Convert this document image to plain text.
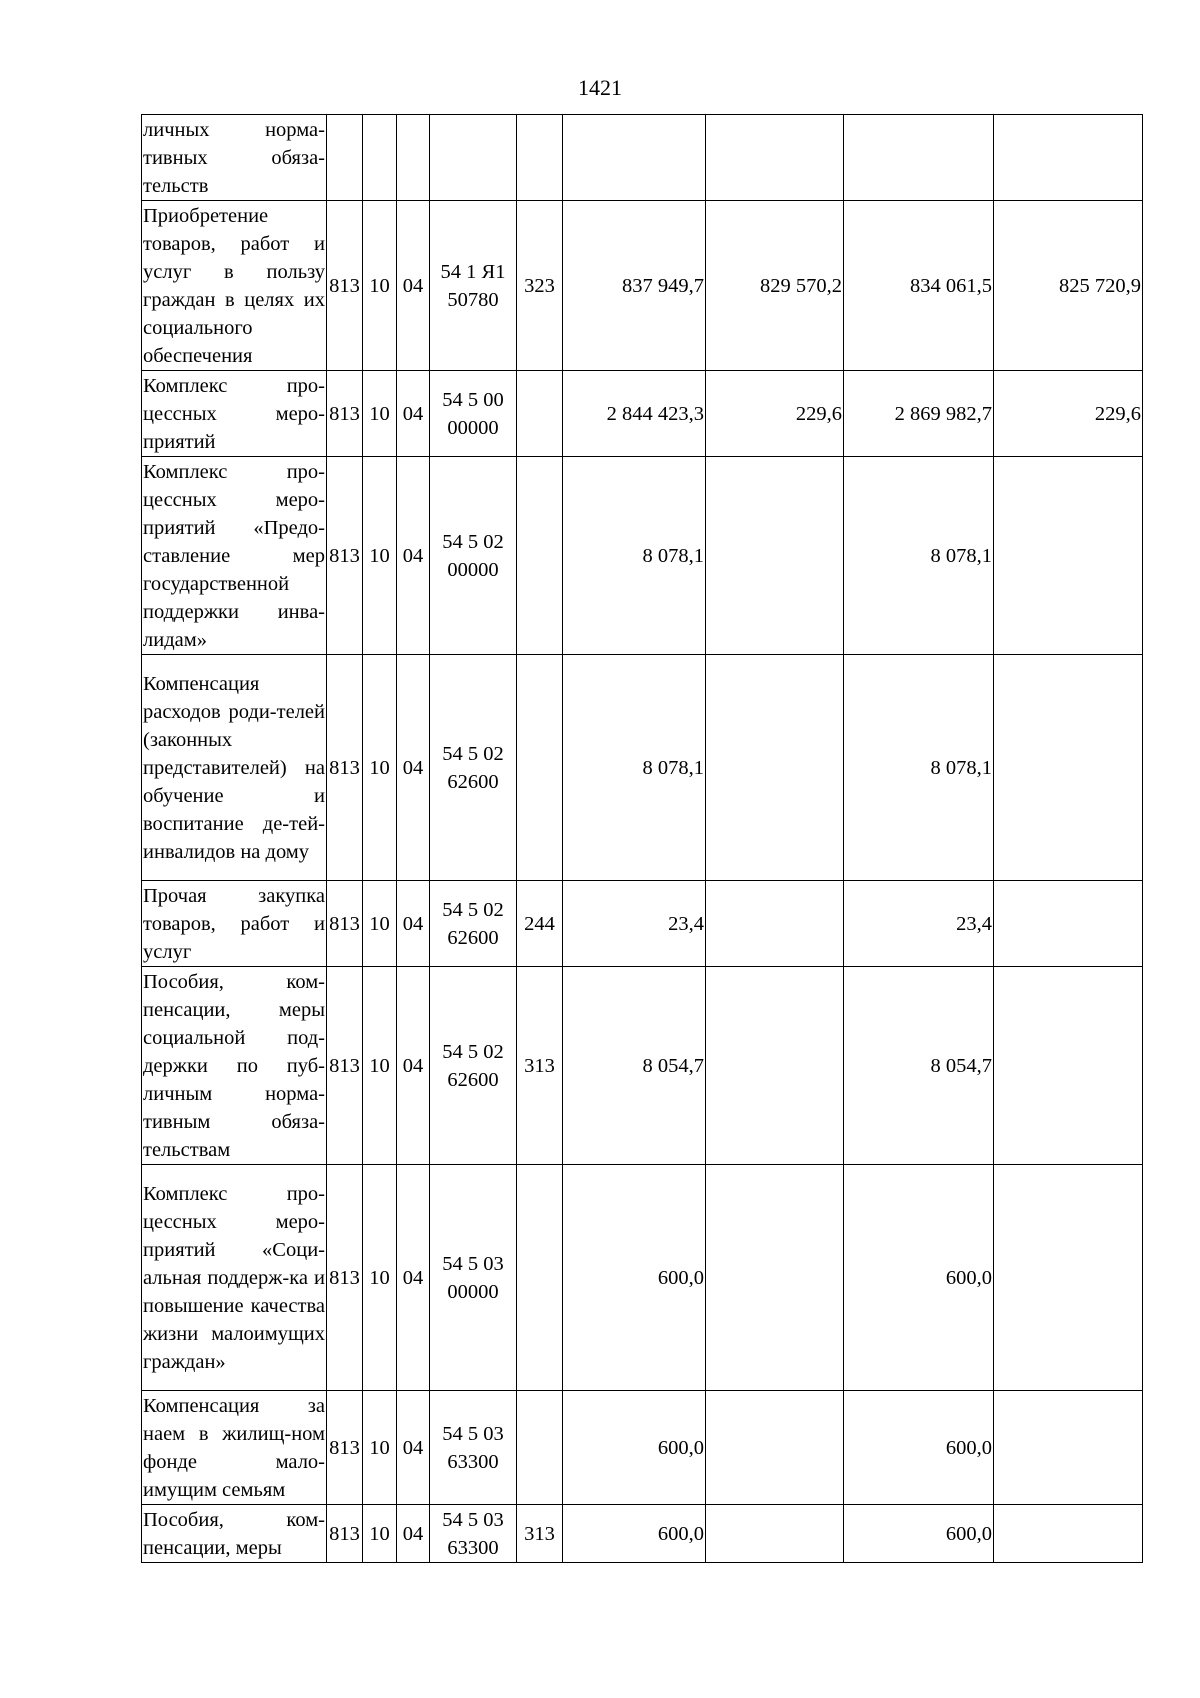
1421
личных норма-тивных обяза-тельств									
Приобретение товаров, работ и услуг в пользу граждан в целях их социального обеспечения	813	10	04	54 1 Я1 50780	323	837 949,7	829 570,2	834 061,5	825 720,9
Комплекс про-цессных меро-приятий	813	10	04	54 5 00 00000		2 844 423,3	229,6	2 869 982,7	229,6
Комплекс про-цессных меро-приятий «Предо-ставление мер государственной поддержки инва-лидам»	813	10	04	54 5 02 00000		8 078,1		8 078,1	
Компенсация расходов роди-телей (законных представителей) на обучение и воспитание де-тей-инвалидов на дому	813	10	04	54 5 02 62600		8 078,1		8 078,1	
Прочая закупка товаров, работ и услуг	813	10	04	54 5 02 62600	244	23,4		23,4	
Пособия, ком-пенсации, меры социальной под-держки по пуб-личным норма-тивным обяза-тельствам	813	10	04	54 5 02 62600	313	8 054,7		8 054,7	
Комплекс про-цессных меро-приятий «Соци-альная поддерж-ка и повышение качества жизни малоимущих граждан»	813	10	04	54 5 03 00000		600,0		600,0	
Компенсация за наем в жилищ-ном фонде мало-имущим семьям	813	10	04	54 5 03 63300		600,0		600,0	
Пособия, ком-пенсации, меры	813	10	04	54 5 03 63300	313	600,0		600,0	
